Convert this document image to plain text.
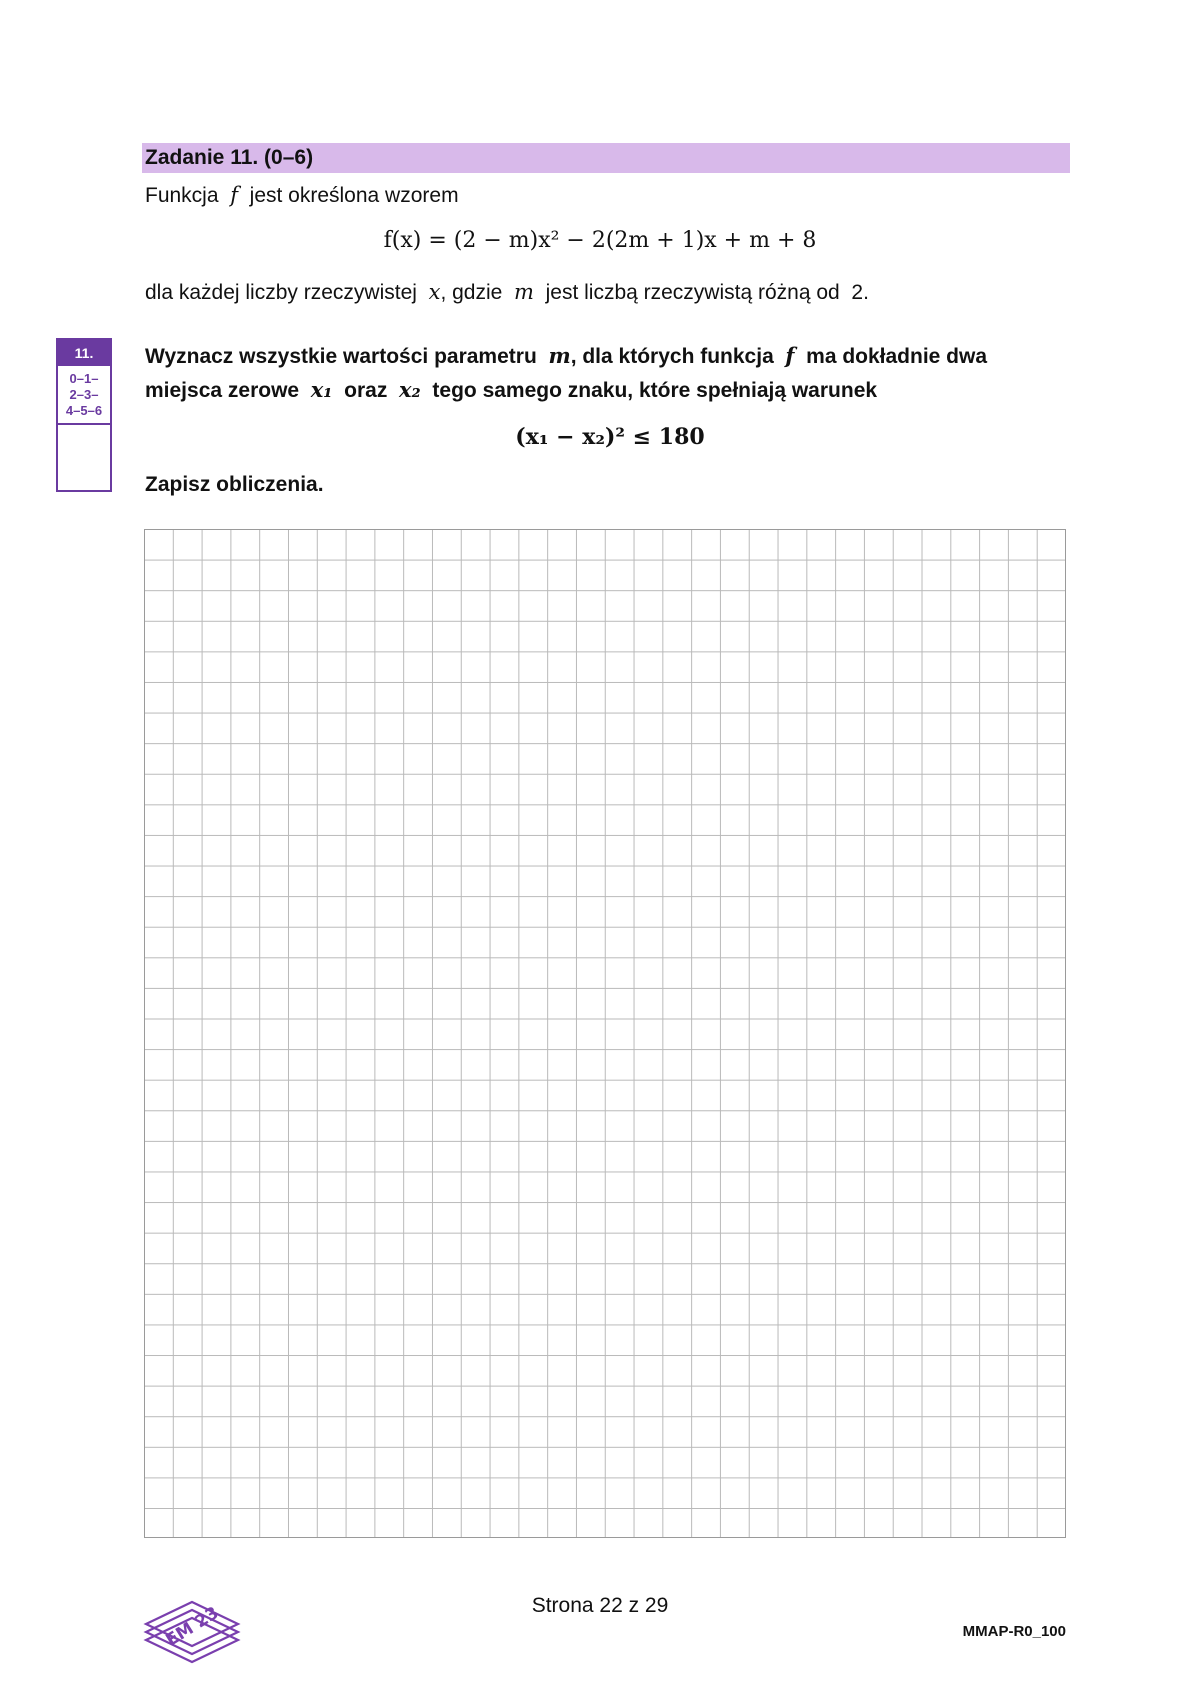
Zadanie 11. (0–6)
Funkcja f jest określona wzorem
f(x) = (2 − m)x² − 2(2m + 1)x + m + 8
dla każdej liczby rzeczywistej x, gdzie m jest liczbą rzeczywistą różną od 2.
11.
0–1–
2–3–
4–5–6
Wyznacz wszystkie wartości parametru m, dla których funkcja f ma dokładnie dwa
miejsca zerowe x₁ oraz x₂ tego samego znaku, które spełniają warunek
(x₁ − x₂)² ≤ 180
Zapisz obliczenia.
EM 23	Strona 22 z 29
MMAP-R0_100
